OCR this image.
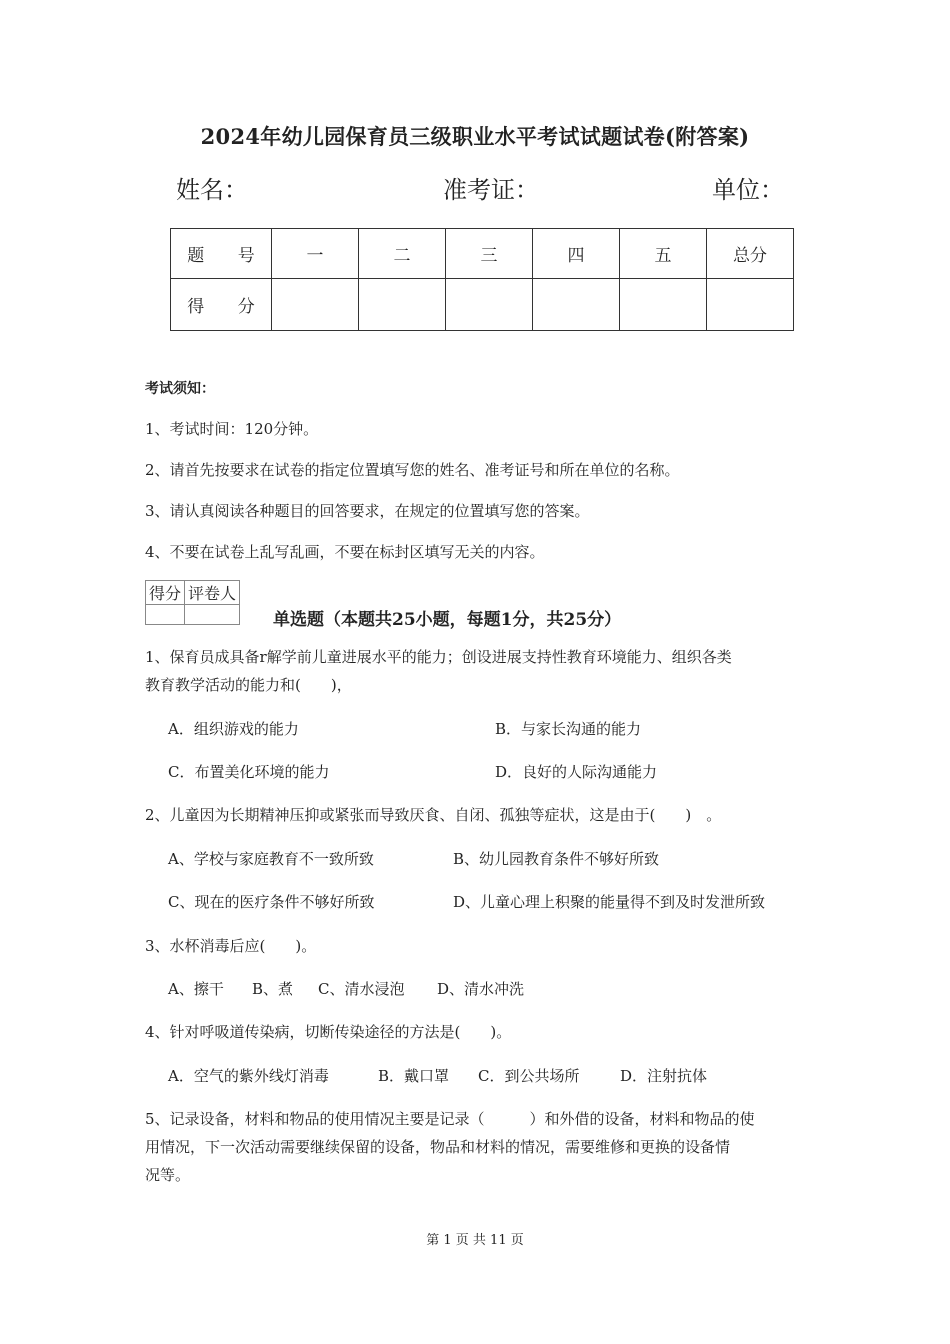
2024年幼儿园保育员三级职业水平考试试题试卷(附答案)
姓名：	准考证：	单位：
题 号	一	二	三	四	五	总分
得 分						
考试须知：
1、考试时间：120分钟。
2、请首先按要求在试卷的指定位置填写您的姓名、准考证号和所在单位的名称。
3、请认真阅读各种题目的回答要求，在规定的位置填写您的答案。
4、不要在试卷上乱写乱画，不要在标封区填写无关的内容。
得分	评卷人

单选题（本题共25小题，每题1分，共25分）
1、保育员成具备r解学前儿童进展水平的能力；创设进展支持性教育环境能力、组织各类
教育教学活动的能力和(　　)，
A．组织游戏的能力	B．与家长沟通的能力
C．布置美化环境的能力	D．良好的人际沟通能力
2、儿童因为长期精神压抑或紧张而导致厌食、自闭、孤独等症状，这是由于(　　)　。
A、学校与家庭教育不一致所致	B、幼儿园教育条件不够好所致
C、现在的医疗条件不够好所致	D、儿童心理上积聚的能量得不到及时发泄所致
3、水杯消毒后应(　　)。
A、擦干 B、煮 C、清水浸泡 D、清水冲洗
4、针对呼吸道传染病，切断传染途径的方法是(　　)。
A．空气的紫外线灯消毒	B．戴口罩 C．到公共场所	D．注射抗体
5、记录设备，材料和物品的使用情况主要是记录（　　　）和外借的设备，材料和物品的使
用情况，下一次活动需要继续保留的设备，物品和材料的情况，需要维修和更换的设备情
况等。
第 1 页 共 11 页
